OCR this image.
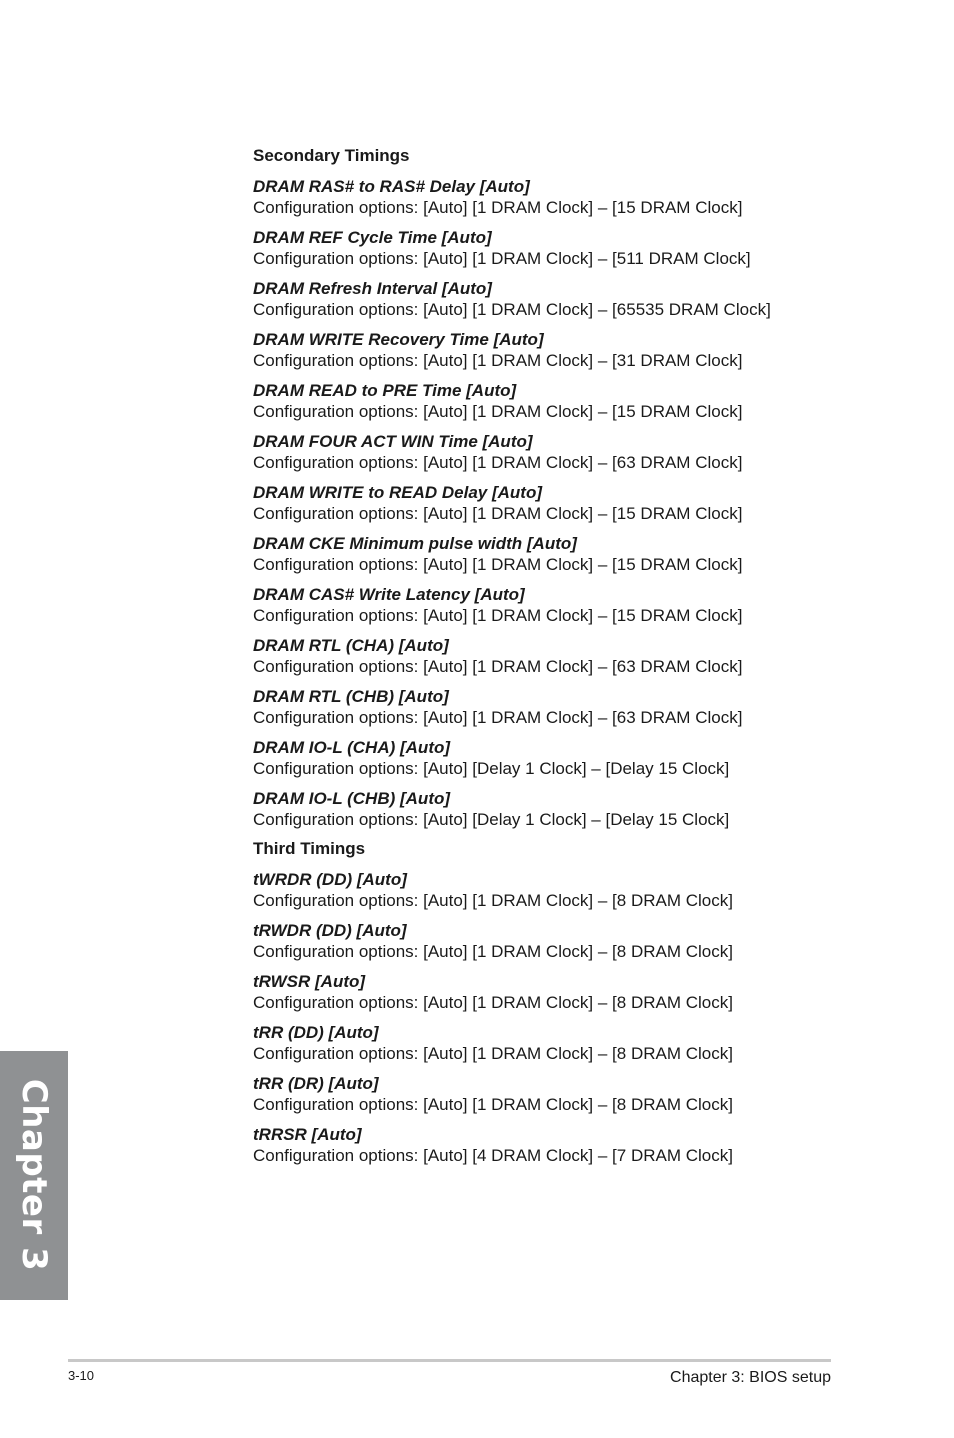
Secondary Timings
DRAM RAS# to RAS# Delay [Auto]
Configuration options: [Auto] [1 DRAM Clock] – [15 DRAM Clock]
DRAM REF Cycle Time [Auto]
Configuration options: [Auto] [1 DRAM Clock] – [511 DRAM Clock]
DRAM Refresh Interval [Auto]
Configuration options: [Auto] [1 DRAM Clock] – [65535 DRAM Clock]
DRAM WRITE Recovery Time [Auto]
Configuration options: [Auto] [1 DRAM Clock] – [31 DRAM Clock]
DRAM READ to PRE Time [Auto]
Configuration options: [Auto] [1 DRAM Clock] – [15 DRAM Clock]
DRAM FOUR ACT WIN Time [Auto]
Configuration options: [Auto] [1 DRAM Clock] – [63 DRAM Clock]
DRAM WRITE to READ Delay [Auto]
Configuration options: [Auto] [1 DRAM Clock] – [15 DRAM Clock]
DRAM CKE Minimum pulse width [Auto]
Configuration options: [Auto] [1 DRAM Clock] – [15 DRAM Clock]
DRAM CAS# Write Latency [Auto]
Configuration options: [Auto] [1 DRAM Clock] – [15 DRAM Clock]
DRAM RTL (CHA) [Auto]
Configuration options: [Auto] [1 DRAM Clock] – [63 DRAM Clock]
DRAM RTL (CHB) [Auto]
Configuration options: [Auto] [1 DRAM Clock] – [63 DRAM Clock]
DRAM IO-L (CHA) [Auto]
Configuration options: [Auto] [Delay 1 Clock] – [Delay 15 Clock]
DRAM IO-L (CHB) [Auto]
Configuration options: [Auto] [Delay 1 Clock] – [Delay 15 Clock]
Third Timings
tWRDR (DD) [Auto]
Configuration options: [Auto] [1 DRAM Clock] – [8 DRAM Clock]
tRWDR (DD) [Auto]
Configuration options: [Auto] [1 DRAM Clock] – [8 DRAM Clock]
tRWSR [Auto]
Configuration options: [Auto] [1 DRAM Clock] – [8 DRAM Clock]
tRR (DD) [Auto]
Configuration options: [Auto] [1 DRAM Clock] – [8 DRAM Clock]
tRR (DR) [Auto]
Configuration options: [Auto] [1 DRAM Clock] – [8 DRAM Clock]
tRRSR [Auto]
Configuration options: [Auto] [4 DRAM Clock] – [7 DRAM Clock]
Chapter 3
3-10	Chapter 3: BIOS setup
